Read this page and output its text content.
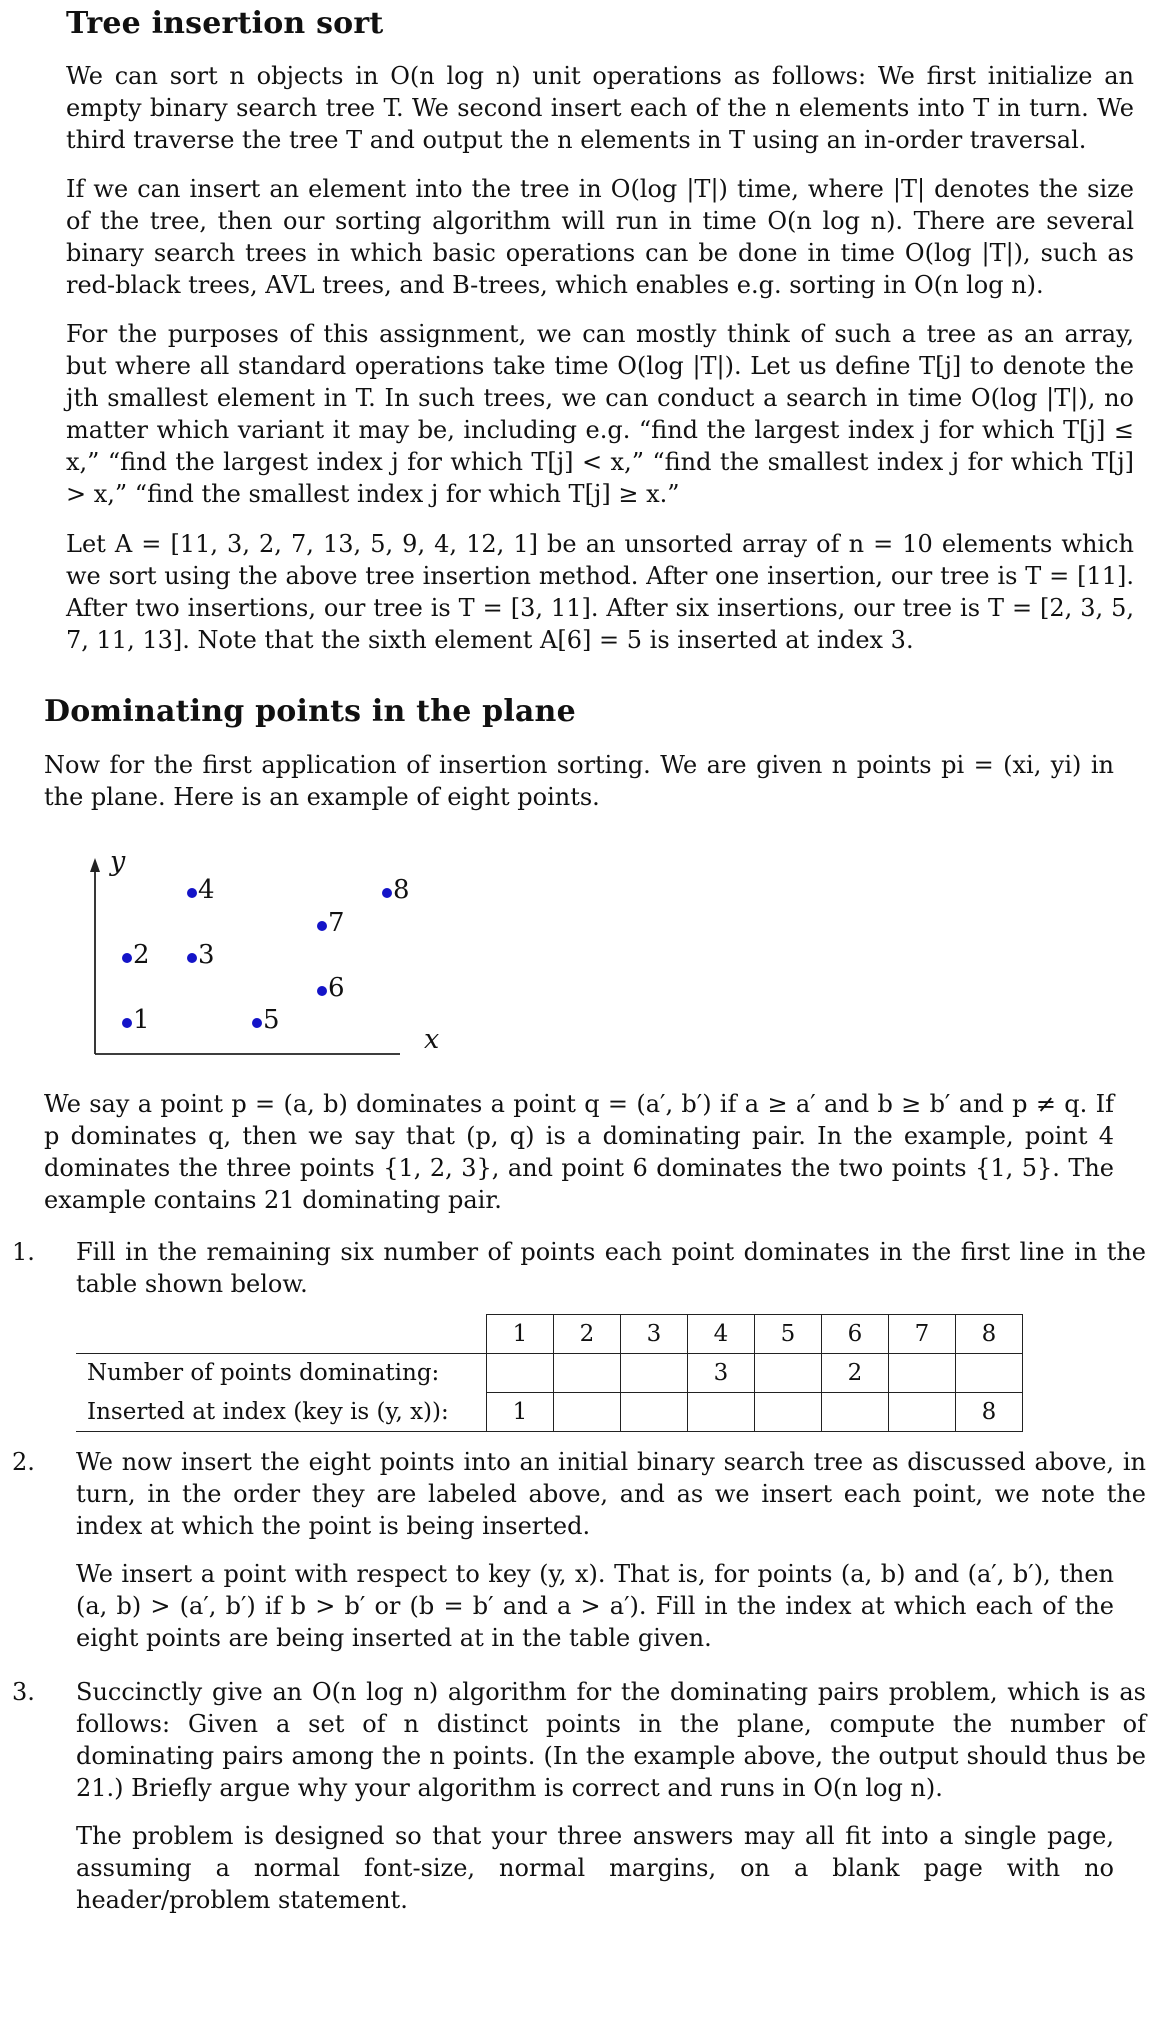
Tree insertion sort

We can sort n objects in O(n log n) unit operations as follows: We first initialize an empty binary search tree T. We second insert each of the n elements into T in turn. We third traverse the tree T and output the n elements in T using an in-order traversal.

If we can insert an element into the tree in O(log |T|) time, where |T| denotes the size of the tree, then our sorting algorithm will run in time O(n log n). There are several binary search trees in which basic operations can be done in time O(log |T|), such as red-black trees, AVL trees, and B-trees, which enables e.g. sorting in O(n log n).

For the purposes of this assignment, we can mostly think of such a tree as an array, but where all standard operations take time O(log |T|). Let us define T[j] to denote the jth smallest element in T. In such trees, we can conduct a search in time O(log |T|), no matter which variant it may be, including e.g. “find the largest index j for which T[j] ≤ x,” “find the largest index j for which T[j] < x,” “find the smallest index j for which T[j] > x,” “find the smallest index j for which T[j] ≥ x.”

Let A = [11, 3, 2, 7, 13, 5, 9, 4, 12, 1] be an unsorted array of n = 10 elements which we sort using the above tree insertion method. After one insertion, our tree is T = [11]. After two insertions, our tree is T = [3, 11]. After six insertions, our tree is T = [2, 3, 5, 7, 11, 13]. Note that the sixth element A[6] = 5 is inserted at index 3.

Dominating points in the plane

Now for the first application of insertion sorting. We are given n points pi = (xi, yi) in the plane. Here is an example of eight points.

y
x
1
2 3
4
5
6
7
8

We say a point p = (a, b) dominates a point q = (a′, b′) if a ≥ a′ and b ≥ b′ and p ≠ q. If p dominates q, then we say that (p, q) is a dominating pair. In the example, point 4 dominates the three points {1, 2, 3}, and point 6 dominates the two points {1, 5}. The example contains 21 dominating pair.

1. Fill in the remaining six number of points each point dominates in the first line in the table shown below.

	1	2	3	4	5	6	7	8
Number of points dominating:				3		2		
Inserted at index (key is (y, x)):	1							8

2. We now insert the eight points into an initial binary search tree as discussed above, in turn, in the order they are labeled above, and as we insert each point, we note the index at which the point is being inserted.

We insert a point with respect to key (y, x). That is, for points (a, b) and (a′, b′), then (a, b) > (a′, b′) if b > b′ or (b = b′ and a > a′). Fill in the index at which each of the eight points are being inserted at in the table given.

3. Succinctly give an O(n log n) algorithm for the dominating pairs problem, which is as follows: Given a set of n distinct points in the plane, compute the number of dominating pairs among the n points. (In the example above, the output should thus be 21.) Briefly argue why your algorithm is correct and runs in O(n log n).

The problem is designed so that your three answers may all fit into a single page, assuming a normal font-size, normal margins, on a blank page with no header/problem statement.
